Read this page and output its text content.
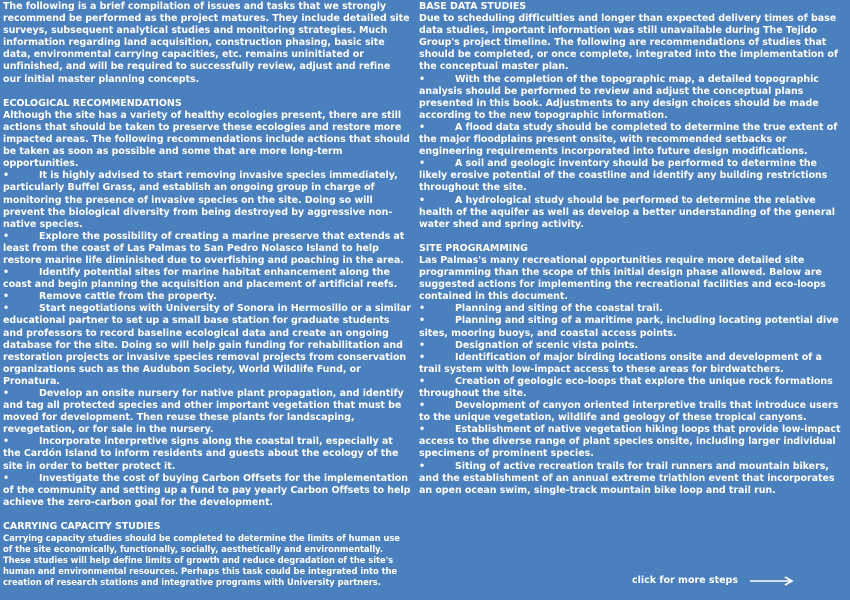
The following is a brief compilation of issues and tasks that we strongly recommend be performed as the project matures. They include detailed site surveys, subsequent analytical studies and monitoring strategies. Much information regarding land acquisition, construction phasing, basic site data, environmental carrying capacities, etc. remains uninitiated or unfinished, and will be required to successfully review, adjust and refine our initial master planning concepts.

ECOLOGICAL RECOMMENDATIONS

Although the site has a variety of healthy ecologies present, there are still actions that should be taken to preserve these ecologies and restore more impacted areas. The following recommendations include actions that should be taken as soon as possible and some that are more long-term opportunities.

•	It is highly advised to start removing invasive species immediately, particularly Buffel Grass, and establish an ongoing group in charge of monitoring the presence of invasive species on the site. Doing so will prevent the biological diversity from being destroyed by aggressive non-native species.

•	Explore the possibility of creating a marine preserve that extends at least from the coast of Las Palmas to San Pedro Nolasco Island to help restore marine life diminished due to overfishing and poaching in the area.

•	Identify potential sites for marine habitat enhancement along the coast and begin planning the acquisition and placement of artificial reefs.

•	Remove cattle from the property.

•	Start negotiations with University of Sonora in Hermosillo or a similar educational partner to set up a small base station for graduate students and professors to record baseline ecological data and create an ongoing database for the site. Doing so will help gain funding for rehabilitation and restoration projects or invasive species removal projects from conservation organizations such as the Audubon Society, World Wildlife Fund, or Pronatura.

•	Develop an onsite nursery for native plant propagation, and identify and tag all protected species and other important vegetation that must be moved for development. Then reuse these plants for landscaping, revegetation, or for sale in the nursery.

•	Incorporate interpretive signs along the coastal trail, especially at the Cardón Island to inform residents and guests about the ecology of the site in order to better protect it.

•	Investigate the cost of buying Carbon Offsets for the implementation of the community and setting up a fund to pay yearly Carbon Offsets to help achieve the zero-carbon goal for the development.

CARRYING CAPACITY STUDIES

Carrying capacity studies should be completed to determine the limits of human use of the site economically, functionally, socially, aesthetically and environmentally. These studies will help define limits of growth and reduce degradation of the site's human and environmental resources. Perhaps this task could be integrated into the creation of research stations and integrative programs with University partners.

BASE DATA STUDIES

Due to scheduling difficulties and longer than expected delivery times of base data studies, important information was still unavailable during The Tejido Group's project timeline. The following are recommendations of studies that should be completed, or once complete, integrated into the implementation of the conceptual master plan.

•	With the completion of the topographic map, a detailed topographic analysis should be performed to review and adjust the conceptual plans presented in this book. Adjustments to any design choices should be made according to the new topographic information.

•	A flood data study should be completed to determine the true extent of the major floodplains present onsite, with recommended setbacks or engineering requirements incorporated into future design modifications.

•	A soil and geologic inventory should be performed to determine the likely erosive potential of the coastline and identify any building restrictions throughout the site.

•	A hydrological study should be performed to determine the relative health of the aquifer as well as develop a better understanding of the general water shed and spring activity.

SITE PROGRAMMING

Las Palmas's many recreational opportunities require more detailed site programming than the scope of this initial design phase allowed. Below are suggested actions for implementing the recreational facilities and eco-loops contained in this document.

•	Planning and siting of the coastal trail.

•	Planning and siting of a maritime park, including locating potential dive sites, mooring buoys, and coastal access points.

•	Designation of scenic vista points.

•	Identification of major birding locations onsite and development of a trail system with low-impact access to these areas for birdwatchers.

•	Creation of geologic eco-loops that explore the unique rock formations throughout the site.

•	Development of canyon oriented interpretive trails that introduce users to the unique vegetation, wildlife and geology of these tropical canyons.

•	Establishment of native vegetation hiking loops that provide low-impact access to the diverse range of plant species onsite, including larger individual specimens of prominent species.

•	Siting of active recreation trails for trail runners and mountain bikers, and the establishment of an annual extreme triathlon event that incorporates an open ocean swim, single-track mountain bike loop and trail run.

click for more steps
